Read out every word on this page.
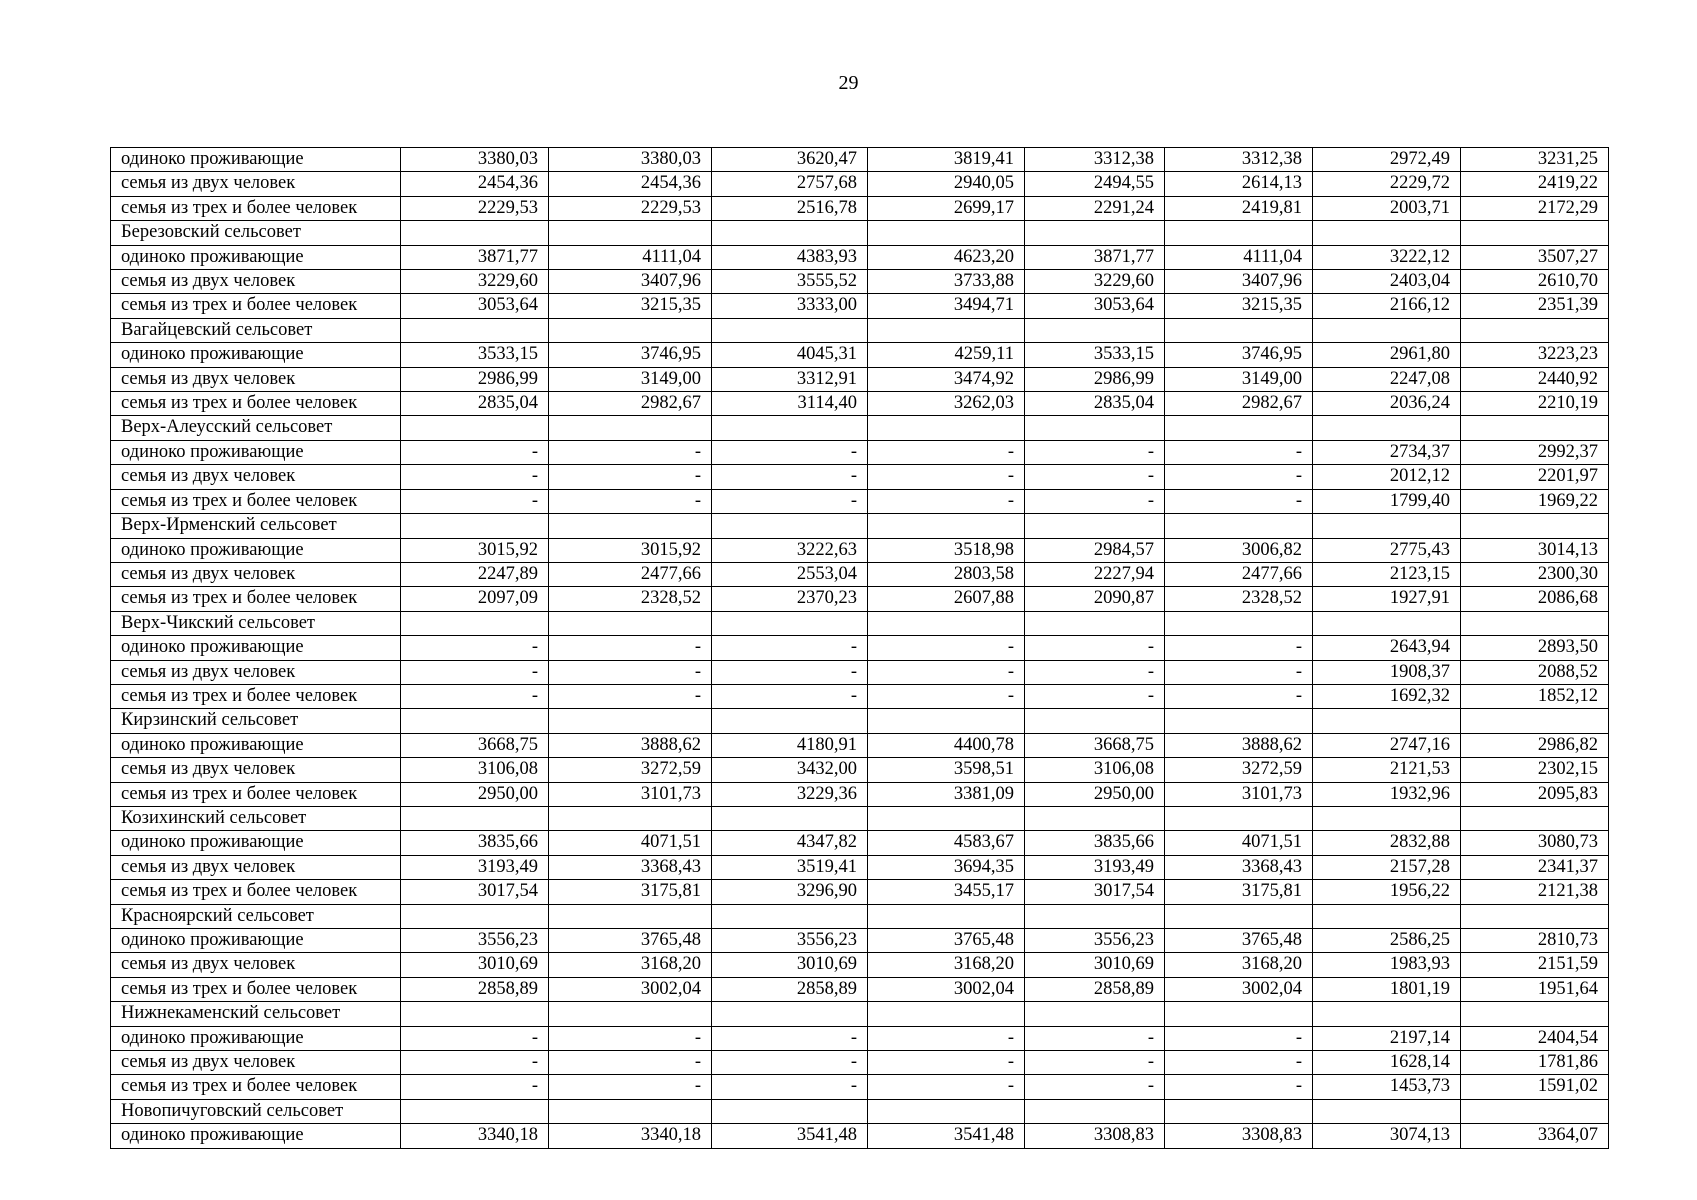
29
одиноко проживающие	3380,03	3380,03	3620,47	3819,41	3312,38	3312,38	2972,49	3231,25
семья из двух человек	2454,36	2454,36	2757,68	2940,05	2494,55	2614,13	2229,72	2419,22
семья из трех и более человек	2229,53	2229,53	2516,78	2699,17	2291,24	2419,81	2003,71	2172,29
Березовский сельсовет								
одиноко проживающие	3871,77	4111,04	4383,93	4623,20	3871,77	4111,04	3222,12	3507,27
семья из двух человек	3229,60	3407,96	3555,52	3733,88	3229,60	3407,96	2403,04	2610,70
семья из трех и более человек	3053,64	3215,35	3333,00	3494,71	3053,64	3215,35	2166,12	2351,39
Вагайцевский сельсовет								
одиноко проживающие	3533,15	3746,95	4045,31	4259,11	3533,15	3746,95	2961,80	3223,23
семья из двух человек	2986,99	3149,00	3312,91	3474,92	2986,99	3149,00	2247,08	2440,92
семья из трех и более человек	2835,04	2982,67	3114,40	3262,03	2835,04	2982,67	2036,24	2210,19
Верх-Алеусский сельсовет								
одиноко проживающие	-	-	-	-	-	-	2734,37	2992,37
семья из двух человек	-	-	-	-	-	-	2012,12	2201,97
семья из трех и более человек	-	-	-	-	-	-	1799,40	1969,22
Верх-Ирменский сельсовет								
одиноко проживающие	3015,92	3015,92	3222,63	3518,98	2984,57	3006,82	2775,43	3014,13
семья из двух человек	2247,89	2477,66	2553,04	2803,58	2227,94	2477,66	2123,15	2300,30
семья из трех и более человек	2097,09	2328,52	2370,23	2607,88	2090,87	2328,52	1927,91	2086,68
Верх-Чикский сельсовет								
одиноко проживающие	-	-	-	-	-	-	2643,94	2893,50
семья из двух человек	-	-	-	-	-	-	1908,37	2088,52
семья из трех и более человек	-	-	-	-	-	-	1692,32	1852,12
Кирзинский сельсовет								
одиноко проживающие	3668,75	3888,62	4180,91	4400,78	3668,75	3888,62	2747,16	2986,82
семья из двух человек	3106,08	3272,59	3432,00	3598,51	3106,08	3272,59	2121,53	2302,15
семья из трех и более человек	2950,00	3101,73	3229,36	3381,09	2950,00	3101,73	1932,96	2095,83
Козихинский сельсовет								
одиноко проживающие	3835,66	4071,51	4347,82	4583,67	3835,66	4071,51	2832,88	3080,73
семья из двух человек	3193,49	3368,43	3519,41	3694,35	3193,49	3368,43	2157,28	2341,37
семья из трех и более человек	3017,54	3175,81	3296,90	3455,17	3017,54	3175,81	1956,22	2121,38
Красноярский сельсовет								
одиноко проживающие	3556,23	3765,48	3556,23	3765,48	3556,23	3765,48	2586,25	2810,73
семья из двух человек	3010,69	3168,20	3010,69	3168,20	3010,69	3168,20	1983,93	2151,59
семья из трех и более человек	2858,89	3002,04	2858,89	3002,04	2858,89	3002,04	1801,19	1951,64
Нижнекаменский сельсовет								
одиноко проживающие	-	-	-	-	-	-	2197,14	2404,54
семья из двух человек	-	-	-	-	-	-	1628,14	1781,86
семья из трех и более человек	-	-	-	-	-	-	1453,73	1591,02
Новопичуговский сельсовет								
одиноко проживающие	3340,18	3340,18	3541,48	3541,48	3308,83	3308,83	3074,13	3364,07
